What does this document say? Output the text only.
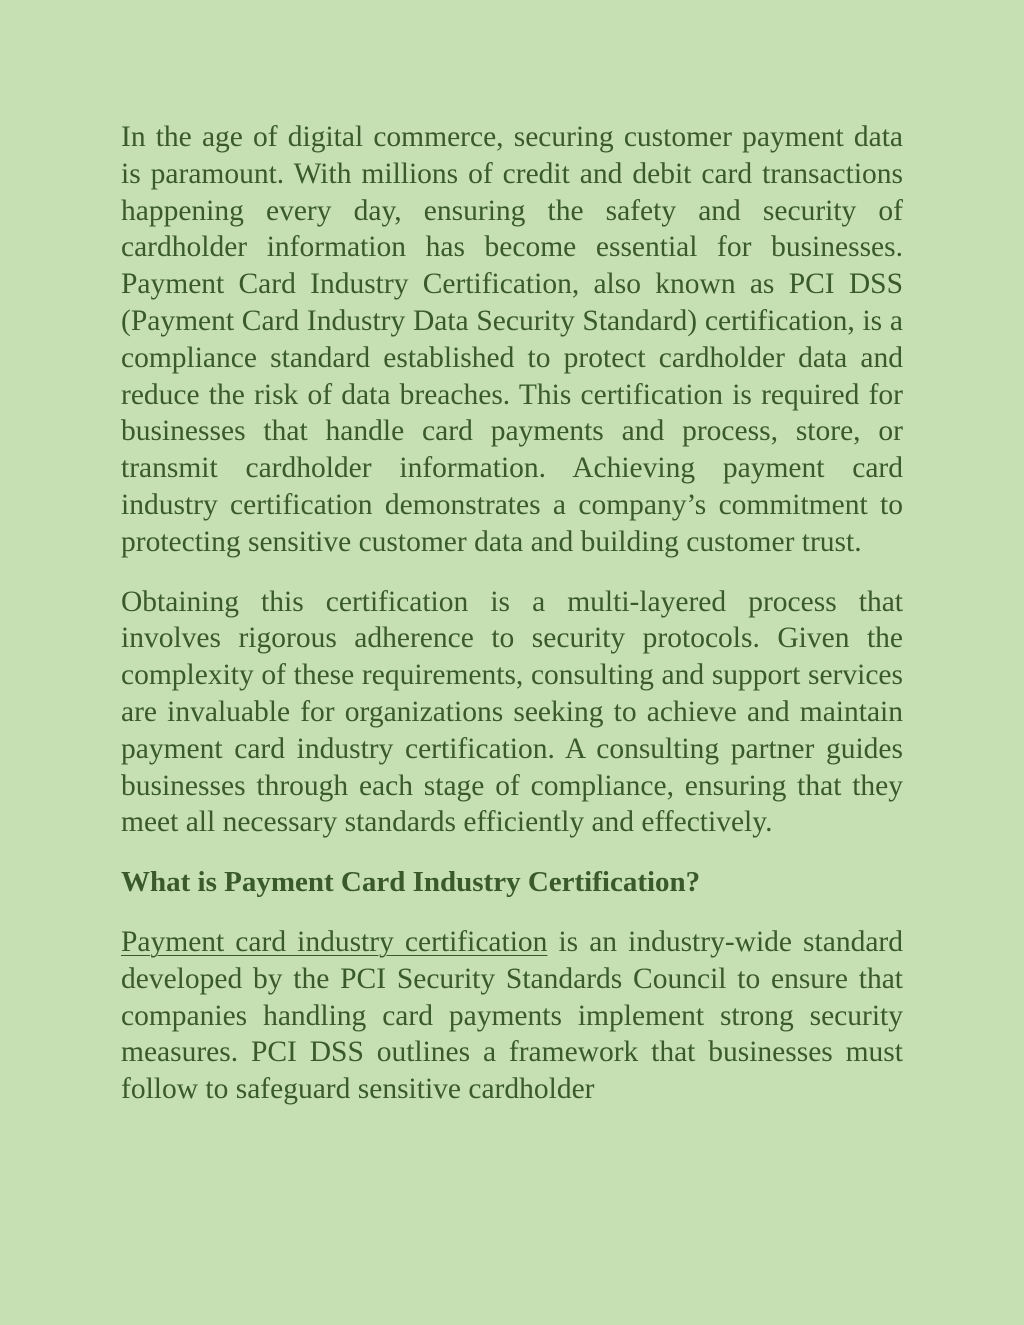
In the age of digital commerce, securing customer payment data is paramount. With millions of credit and debit card transactions happening every day, ensuring the safety and security of cardholder information has become essential for businesses. Payment Card Industry Certification, also known as PCI DSS (Payment Card Industry Data Security Standard) certification, is a compliance standard established to protect cardholder data and reduce the risk of data breaches. This certification is required for businesses that handle card payments and process, store, or transmit cardholder information. Achieving payment card industry certification demonstrates a company’s commitment to protecting sensitive customer data and building customer trust.

Obtaining this certification is a multi-layered process that involves rigorous adherence to security protocols. Given the complexity of these requirements, consulting and support services are invaluable for organizations seeking to achieve and maintain payment card industry certification. A consulting partner guides businesses through each stage of compliance, ensuring that they meet all necessary standards efficiently and effectively.

What is Payment Card Industry Certification?

Payment card industry certification is an industry-wide standard developed by the PCI Security Standards Council to ensure that companies handling card payments implement strong security measures. PCI DSS outlines a framework that businesses must follow to safeguard sensitive cardholder
